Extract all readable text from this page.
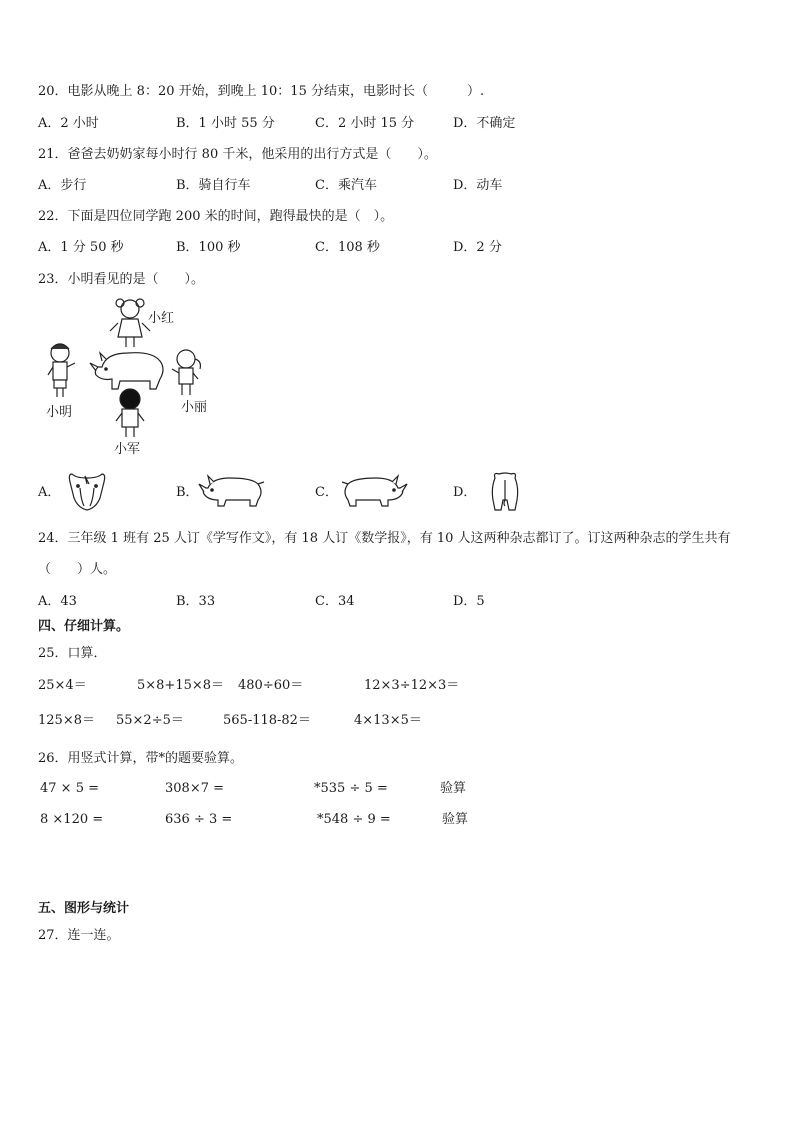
20．电影从晚上 8：20 开始，到晚上 10：15 分结束，电影时长（　　　）.
A．2 小时	B．1 小时 55 分	C．2 小时 15 分	D．不确定
21．爸爸去奶奶家每小时行 80 千米，他采用的出行方式是（　　）。
A．步行	B．骑自行车	C．乘汽车	D．动车
22．下面是四位同学跑 200 米的时间，跑得最快的是（　）。
A．1 分 50 秒	B．100 秒	C．108 秒	D．2 分
23．小明看见的是（　　）。
小红
小明	小丽
小军
A．	B．	C．	D．
24．三年级 1 班有 25 人订《学写作文》，有 18 人订《数学报》，有 10 人这两种杂志都订了。订这两种杂志的学生共有
（　　）人。
A．43	B．33	C．34	D．5
四、仔细计算。
25．口算．
25×4＝	5×8+15×8＝ 480÷60＝	12×3÷12×3＝
125×8＝ 55×2÷5＝	565-118-82＝	4×13×5＝
26．用竖式计算，带*的题要验算。
47 × 5 =	308×7 =	*535 ÷ 5 =	验算
8 ×120 =	636 ÷ 3 =	*548 ÷ 9 =	验算
五、图形与统计
27．连一连。
